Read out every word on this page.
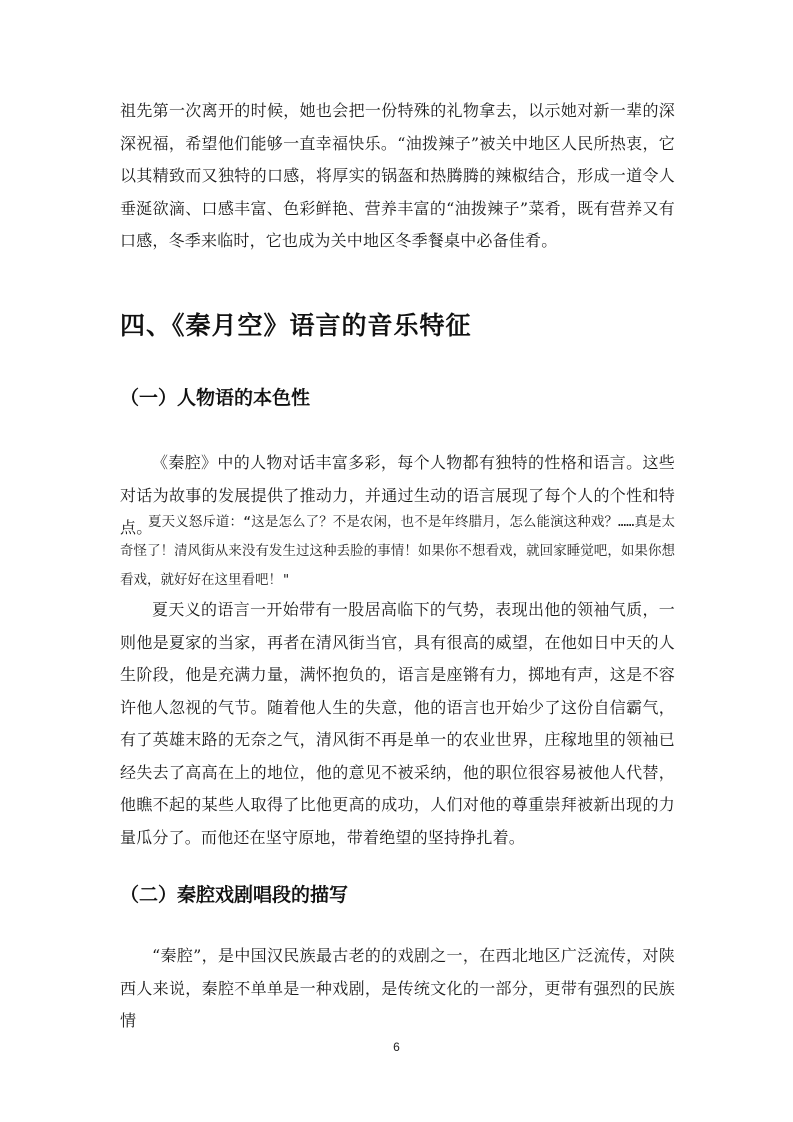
祖先第一次离开的时候，她也会把一份特殊的礼物拿去，以示她对新一辈的深深祝福，希望他们能够一直幸福快乐。“油拨辣子”被关中地区人民所热衷，它以其精致而又独特的口感，将厚实的锅盔和热腾腾的辣椒结合，形成一道令人垂涎欲滴、口感丰富、色彩鲜艳、营养丰富的“油拨辣子”菜肴，既有营养又有口感，冬季来临时，它也成为关中地区冬季餐桌中必备佳肴。

四、《秦月空》语言的音乐特征
（一）人物语的本色性

《秦腔》中的人物对话丰富多彩，每个人物都有独特的性格和语言。这些对话为故事的发展提供了推动力，并通过生动的语言展现了每个人的个性和特点。

夏天义怒斥道：“这是怎么了？不是农闲，也不是年终腊月，怎么能演这种戏？……真是太奇怪了！清风街从来没有发生过这种丢脸的事情！如果你不想看戏，就回家睡觉吧，如果你想看戏，就好好在这里看吧！"

夏天义的语言一开始带有一股居高临下的气势，表现出他的领袖气质，一则他是夏家的当家，再者在清风街当官，具有很高的威望，在他如日中天的人生阶段，他是充满力量，满怀抱负的，语言是座锵有力，掷地有声，这是不容许他人忽视的气节。随着他人生的失意，他的语言也开始少了这份自信霸气，有了英雄末路的无奈之气，清风街不再是单一的农业世界，庄稼地里的领袖已经失去了高高在上的地位，他的意见不被采纳，他的职位很容易被他人代替，他瞧不起的某些人取得了比他更高的成功，人们对他的尊重崇拜被新出现的力量瓜分了。而他还在坚守原地，带着绝望的坚持挣扎着。

（二）秦腔戏剧唱段的描写

“秦腔”，是中国汉民族最古老的的戏剧之一，在西北地区广泛流传，对陕西人来说，秦腔不单单是一种戏剧，是传统文化的一部分，更带有强烈的民族情

6
